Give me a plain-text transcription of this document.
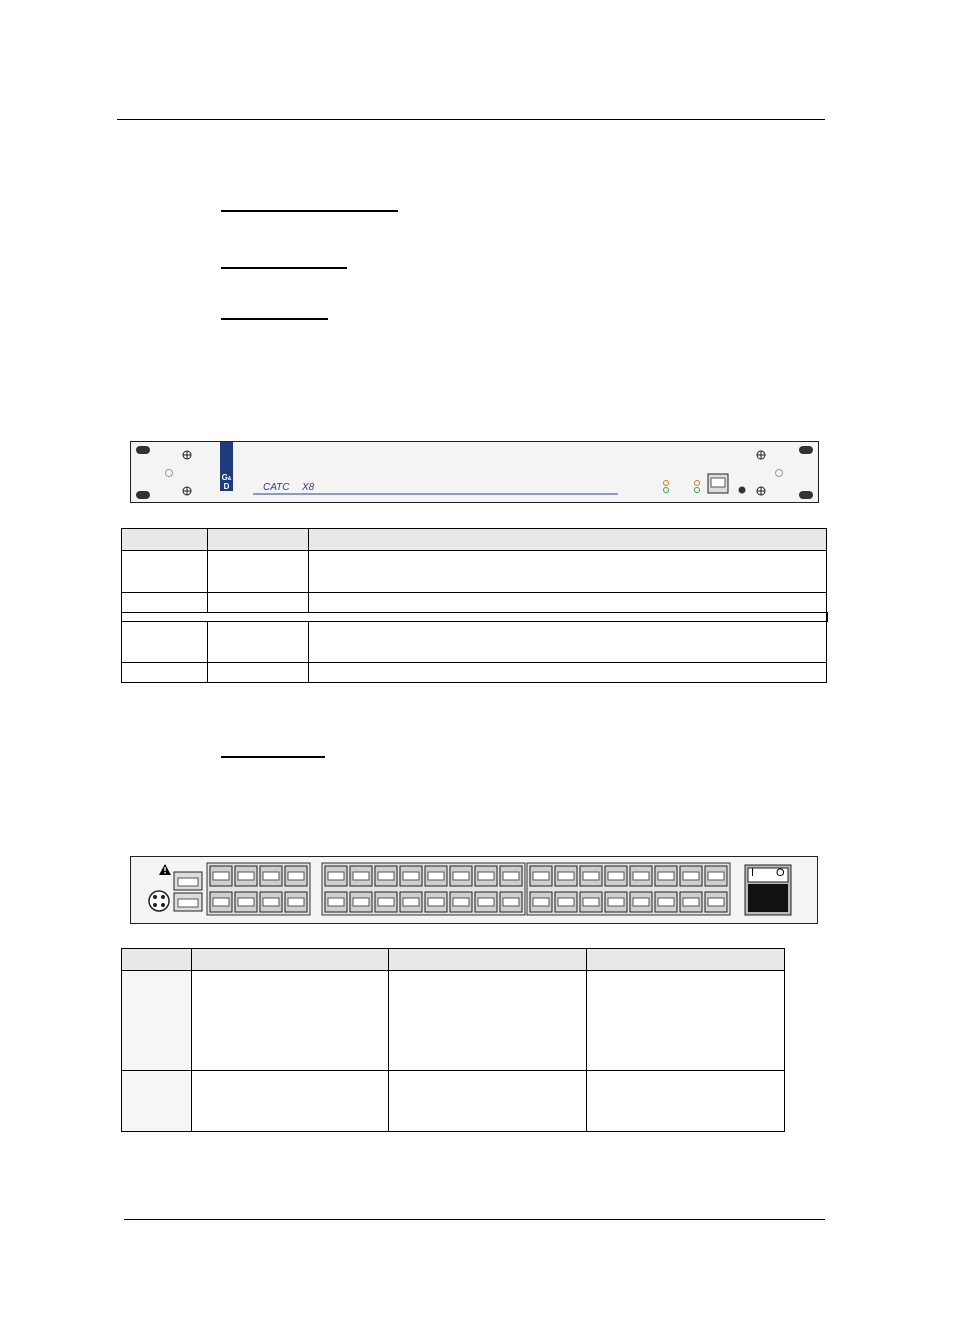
G&
D	CATC X8

I O
